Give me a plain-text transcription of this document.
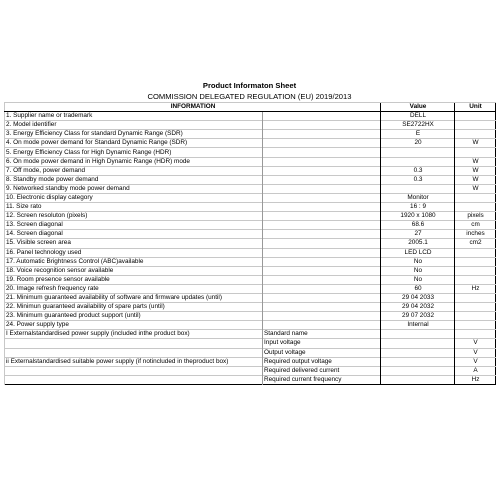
Product Informaton Sheet
COMMISSION DELEGATED REGULATION (EU) 2019/2013
INFORMATION		Value	Unit
1. Supplier name or trademark		DELL	
2. Model identifier		SE2722HX	
3. Energy Efficiency Class for standard Dynamic Range (SDR)		E	
4. On mode power demand for Standard Dynamic Range (SDR)		20	W
5. Energy Efficiency Class for High Dynamic Range (HDR)			
6. On mode power demand in High Dynamic Range (HDR) mode			W
7. Off mode, power demand		0.3	W
8. Standby mode power demand		0.3	W
9. Networked standby mode power demand			W
10. Electronic display category		Monitor	
11. Size rato		16 : 9	
12. Screen resoluton (pixels)		1920 x 1080	pixels
13. Screen diagonal		68.6	cm
14. Screen diagonal		27	inches
15. Visible screen area		2005.1	cm2
16. Panel technology used		LED LCD	
17. Automatic Brightness Control (ABC)available		No	
18. Voice recognition sensor available		No	
19. Room presence sensor available		No	
20. Image refresh frequency rate		60	Hz
21. Minimum guaranteed availability of software and firmware updates (until)		29 04 2033	
22. Minimun guaranteed availability of spare parts (until)		29 04 2032	
23. Minimum guaranteed product support (until)		29 07 2032	
24. Power supply type		Internal	
I Externalstandardised power supply (included inthe product box)	Standard name		
	Input voltage		V
	Output voltage		V
ii Externalstandardised suitable power supply (if notincluded in theproduct box)	Required output voltage		V
	Required delivered current		A
	Required current frequency		Hz
